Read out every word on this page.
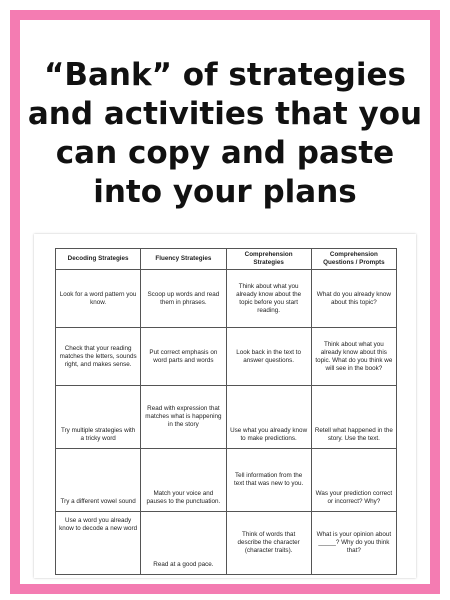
“Bank” of strategies
and activities that you
can copy and paste
into your plans
Decoding Strategies	Fluency Strategies	Comprehension Strategies	Comprehension Questions / Prompts
Look for a word pattern you know.	Scoop up words and read them in phrases.	Think about what you already know about the topic before you start reading.	What do you already know about this topic?
Check that your reading matches the letters, sounds right, and makes sense.	Put correct emphasis on word parts and words	Look back in the text to answer questions.	Think about what you already know about this topic. What do you think we will see in the book?
Try multiple strategies with a tricky word	Read with expression that matches what is happening in the story	Use what you already know to make predictions.	Retell what happened in the story. Use the text.
Try a different vowel sound	Match your voice and pauses to the punctuation.	Tell information from the text that was new to you.	Was your prediction correct or incorrect? Why?
Use a word you already know to decode a new word	Read at a good pace.	Think of words that describe the character (character traits).	What is your opinion about _____? Why do you think that?
